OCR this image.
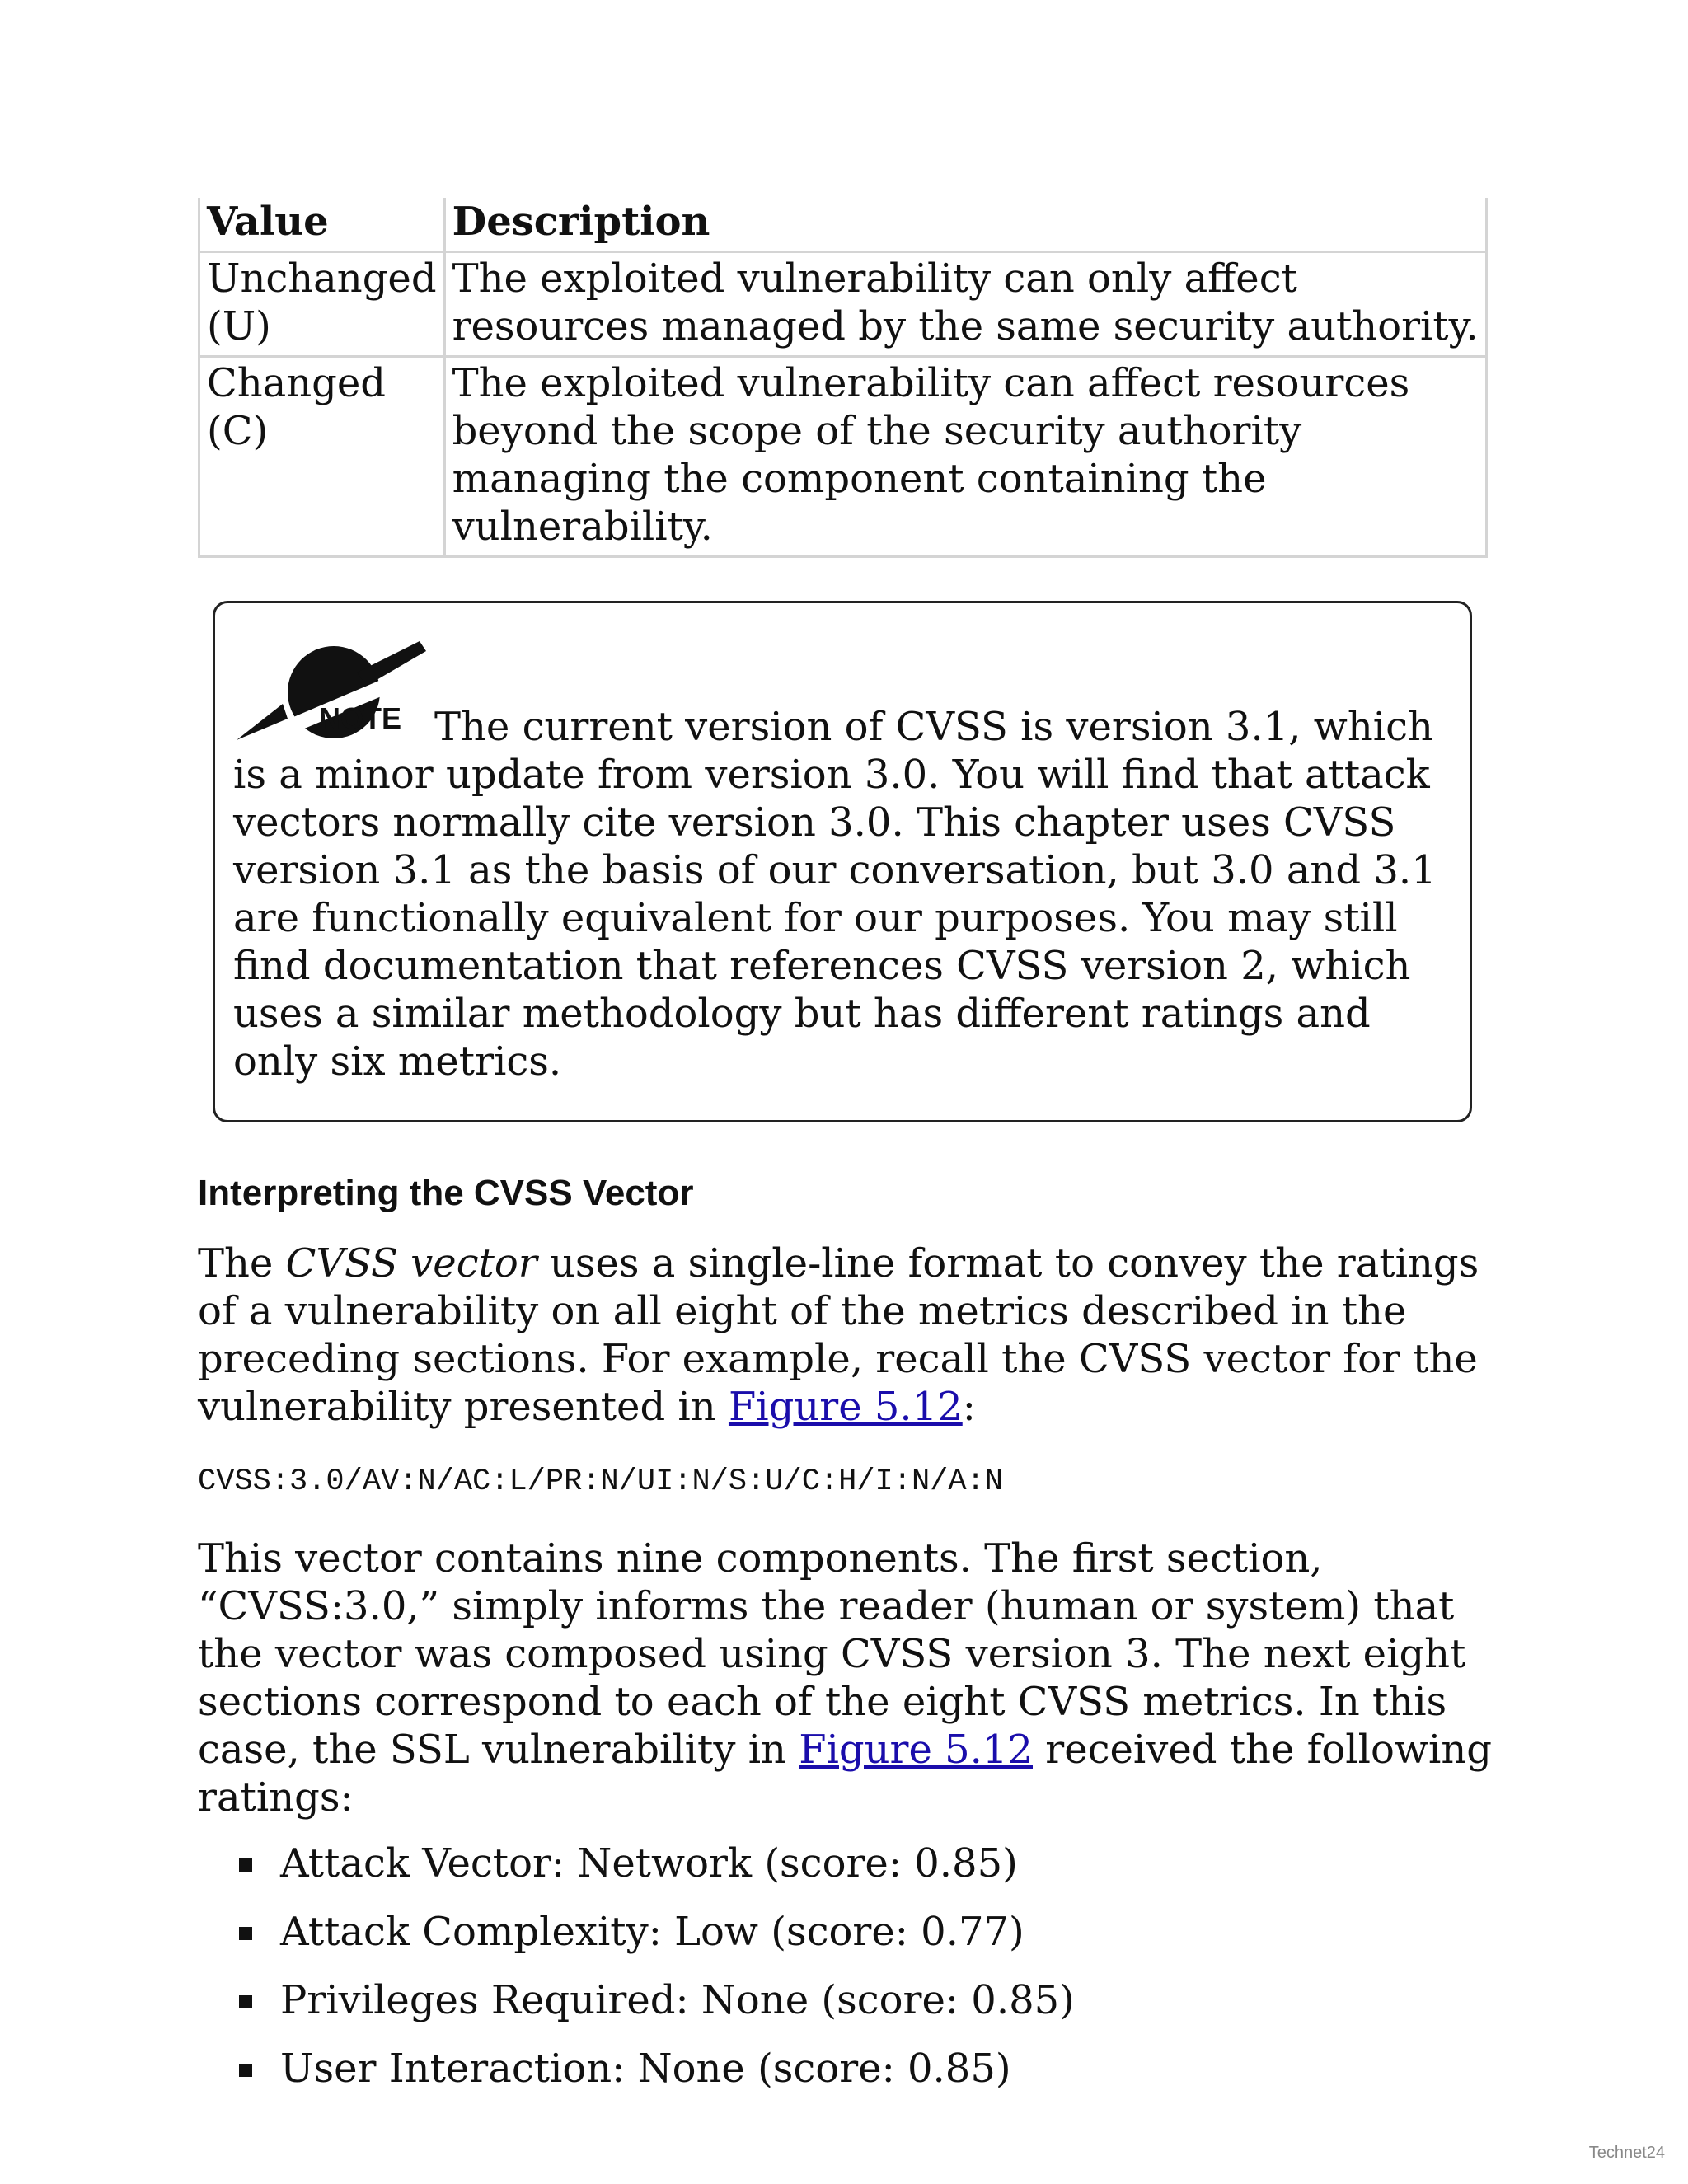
Value	Description
Unchanged (U)	The exploited vulnerability can only affect resources managed by the same security authority.
Changed (C)	The exploited vulnerability can affect resources beyond the scope of the security authority managing the component containing the vulnerability.
NOTE The current version of CVSS is version 3.1, which is a minor update from version 3.0. You will find that attack vectors normally cite version 3.0. This chapter uses CVSS version 3.1 as the basis of our conversation, but 3.0 and 3.1 are functionally equivalent for our purposes. You may still find documentation that references CVSS version 2, which uses a similar methodology but has different ratings and only six metrics.
Interpreting the CVSS Vector

The CVSS vector uses a single-line format to convey the ratings of a vulnerability on all eight of the metrics described in the preceding sections. For example, recall the CVSS vector for the vulnerability presented in Figure 5.12:

CVSS:3.0/AV:N/AC:L/PR:N/UI:N/S:U/C:H/I:N/A:N

This vector contains nine components. The first section, “CVSS:3.0,” simply informs the reader (human or system) that the vector was composed using CVSS version 3. The next eight sections correspond to each of the eight CVSS metrics. In this case, the SSL vulnerability in Figure 5.12 received the following ratings:

Attack Vector: Network (score: 0.85)
Attack Complexity: Low (score: 0.77)
Privileges Required: None (score: 0.85)
User Interaction: None (score: 0.85)
Technet24
